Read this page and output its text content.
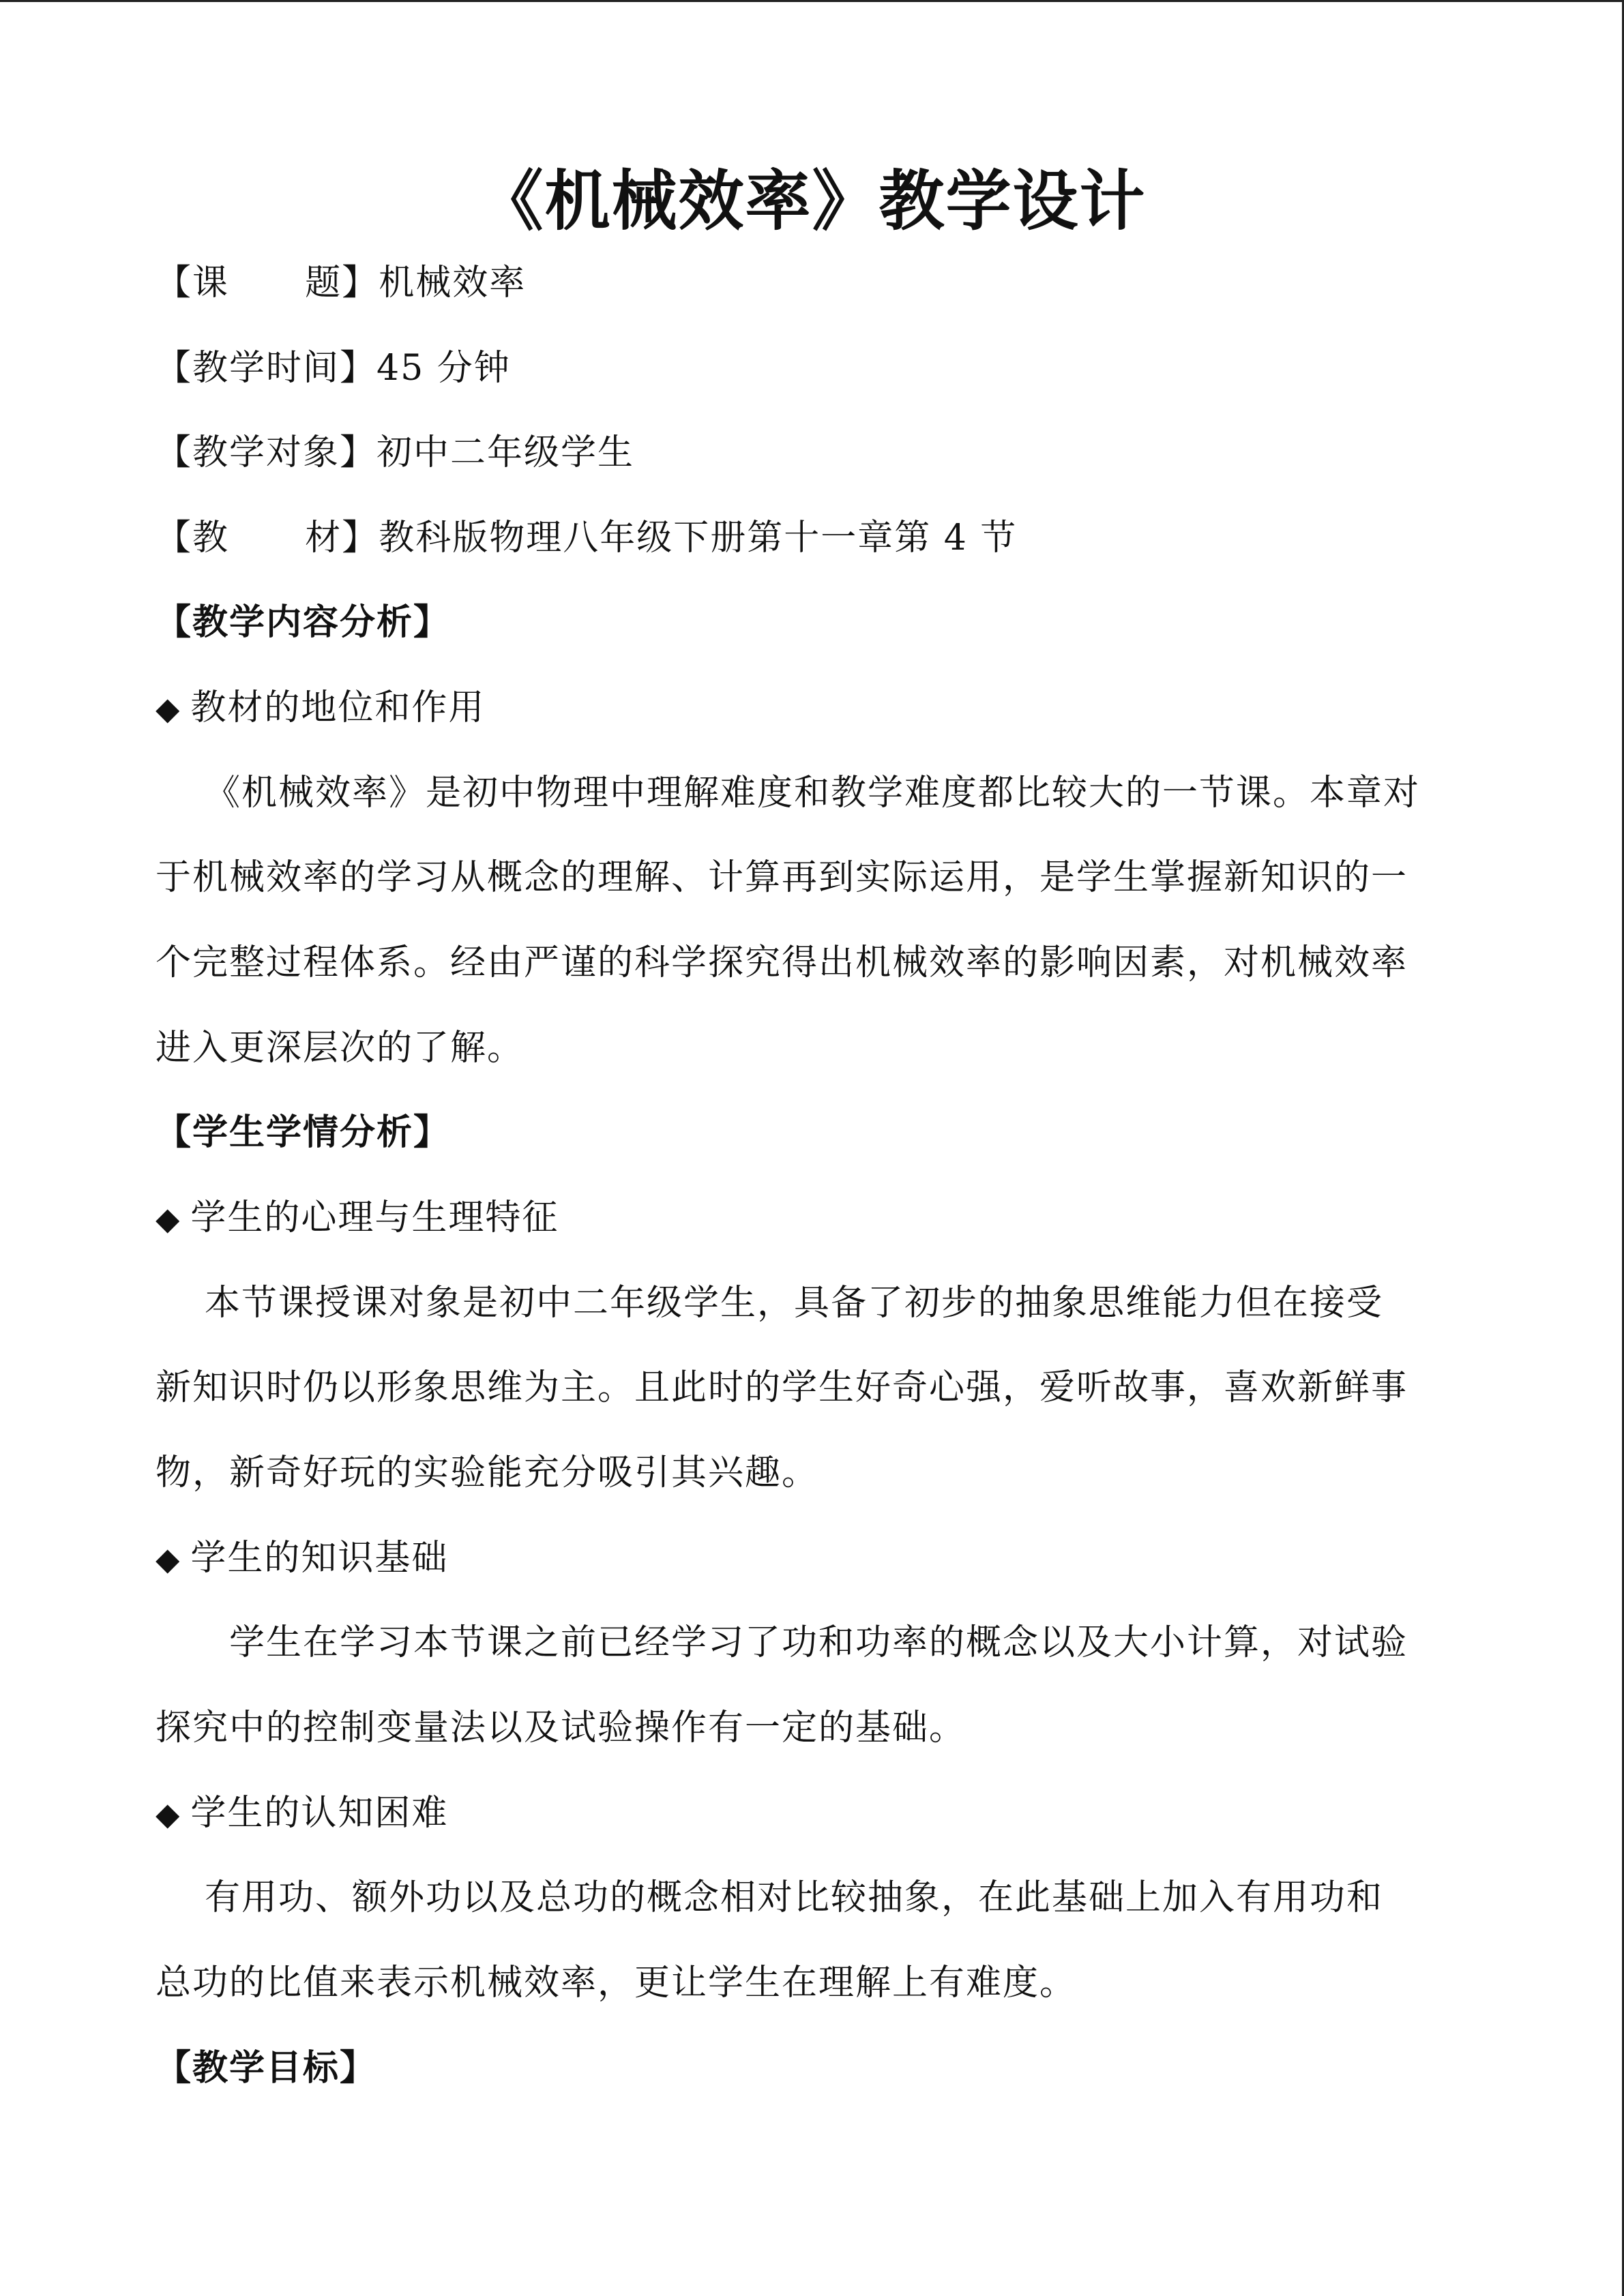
《机械效率》教学设计
【课      题】机械效率
【教学时间】45 分钟
【教学对象】初中二年级学生
【教      材】教科版物理八年级下册第十一章第 4 节
【教学内容分析】
◆ 教材的地位和作用
《机械效率》是初中物理中理解难度和教学难度都比较大的一节课。本章对
于机械效率的学习从概念的理解、计算再到实际运用，是学生掌握新知识的一
个完整过程体系。经由严谨的科学探究得出机械效率的影响因素，对机械效率
进入更深层次的了解。
【学生学情分析】
◆ 学生的心理与生理特征
本节课授课对象是初中二年级学生，具备了初步的抽象思维能力但在接受
新知识时仍以形象思维为主。且此时的学生好奇心强，爱听故事，喜欢新鲜事
物，新奇好玩的实验能充分吸引其兴趣。
◆ 学生的知识基础
学生在学习本节课之前已经学习了功和功率的概念以及大小计算，对试验
探究中的控制变量法以及试验操作有一定的基础。
◆ 学生的认知困难
有用功、额外功以及总功的概念相对比较抽象，在此基础上加入有用功和
总功的比值来表示机械效率，更让学生在理解上有难度。
【教学目标】
